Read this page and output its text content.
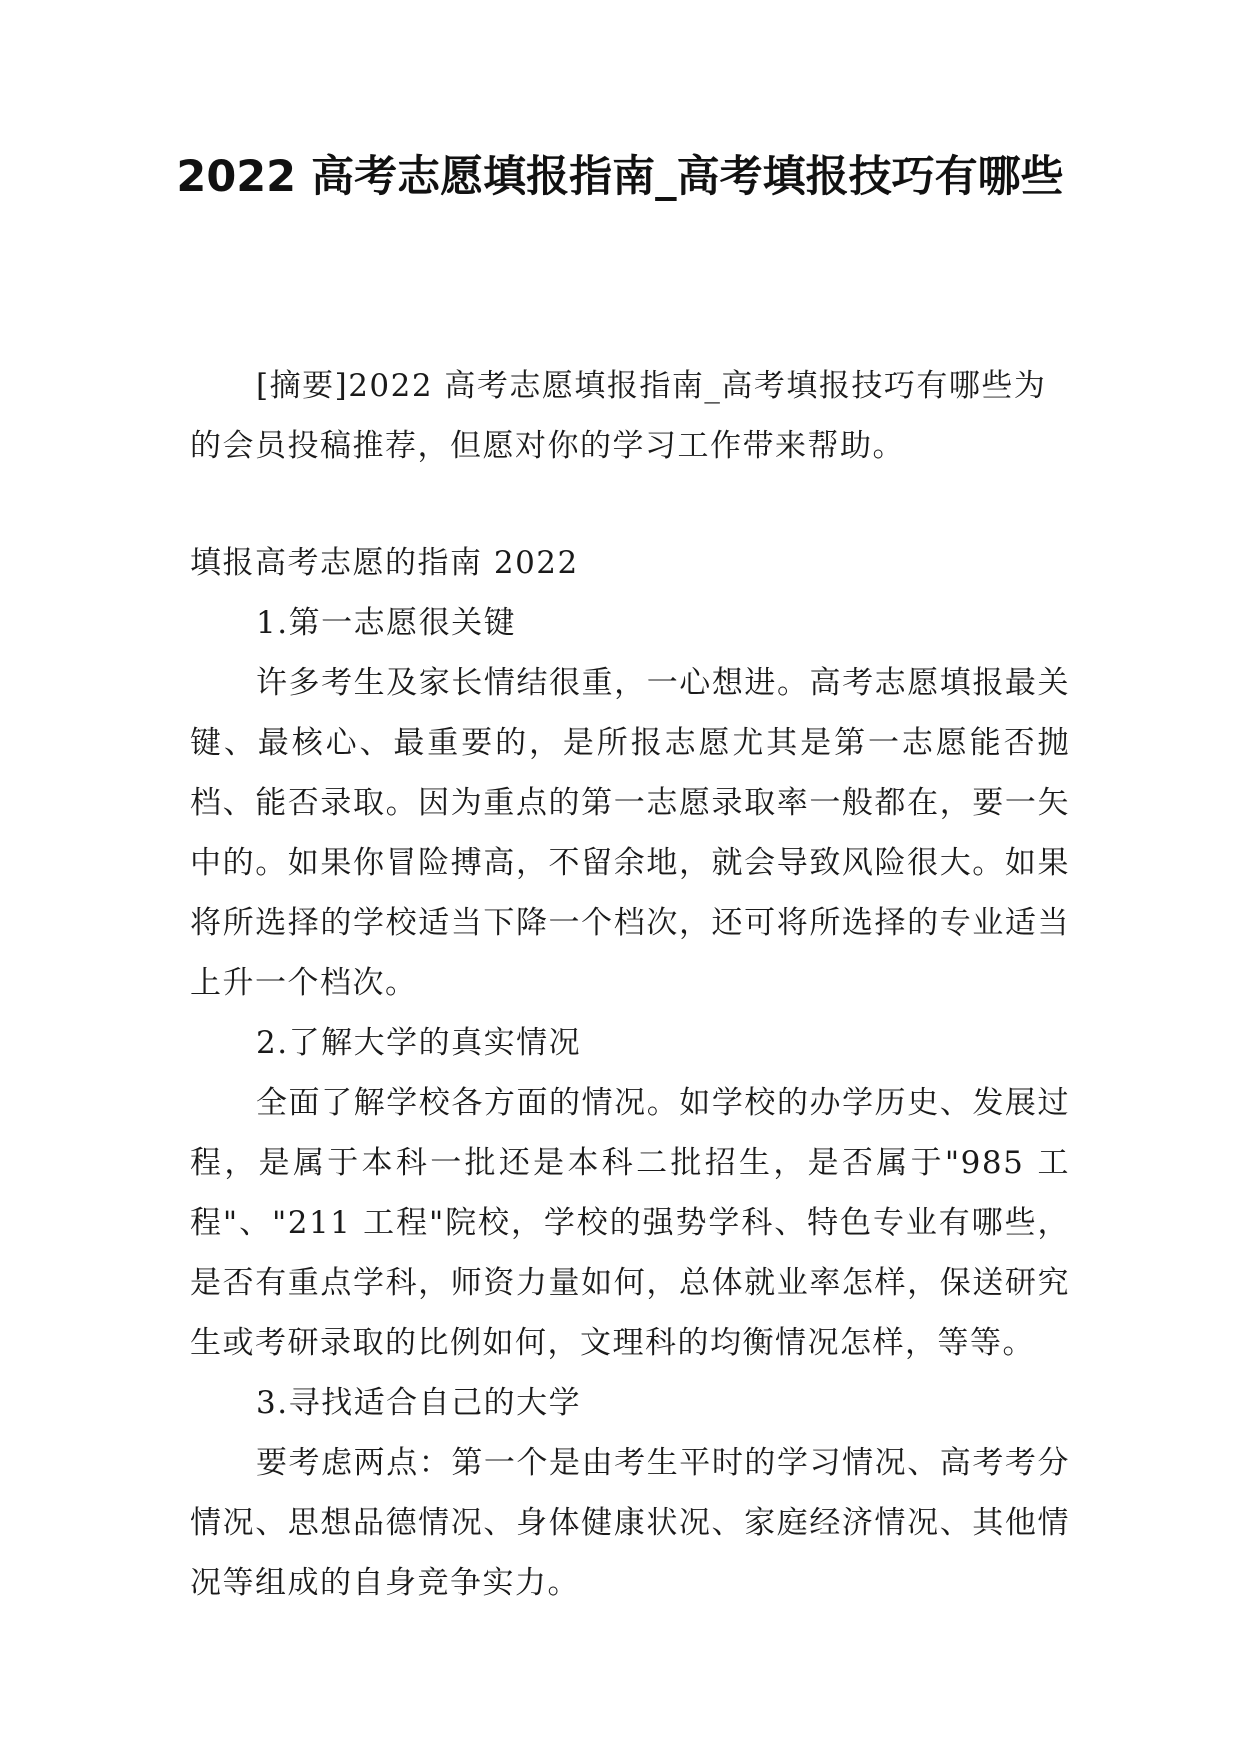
2022 高考志愿填报指南_高考填报技巧有哪些
[摘要]2022 高考志愿填报指南_高考填报技巧有哪些为的会员投稿推荐，但愿对你的学习工作带来帮助。

填报高考志愿的指南 2022

1.第一志愿很关键

许多考生及家长情结很重，一心想进。高考志愿填报最关键、最核心、最重要的，是所报志愿尤其是第一志愿能否抛档、能否录取。因为重点的第一志愿录取率一般都在，要一矢中的。如果你冒险搏高，不留余地，就会导致风险很大。如果将所选择的学校适当下降一个档次，还可将所选择的专业适当上升一个档次。

2.了解大学的真实情况

全面了解学校各方面的情况。如学校的办学历史、发展过程，是属于本科一批还是本科二批招生，是否属于"985 工程"、"211 工程"院校，学校的强势学科、特色专业有哪些，是否有重点学科，师资力量如何，总体就业率怎样，保送研究生或考研录取的比例如何，文理科的均衡情况怎样，等等。

3.寻找适合自己的大学

要考虑两点：第一个是由考生平时的学习情况、高考考分情况、思想品德情况、身体健康状况、家庭经济情况、其他情况等组成的自身竞争实力。
